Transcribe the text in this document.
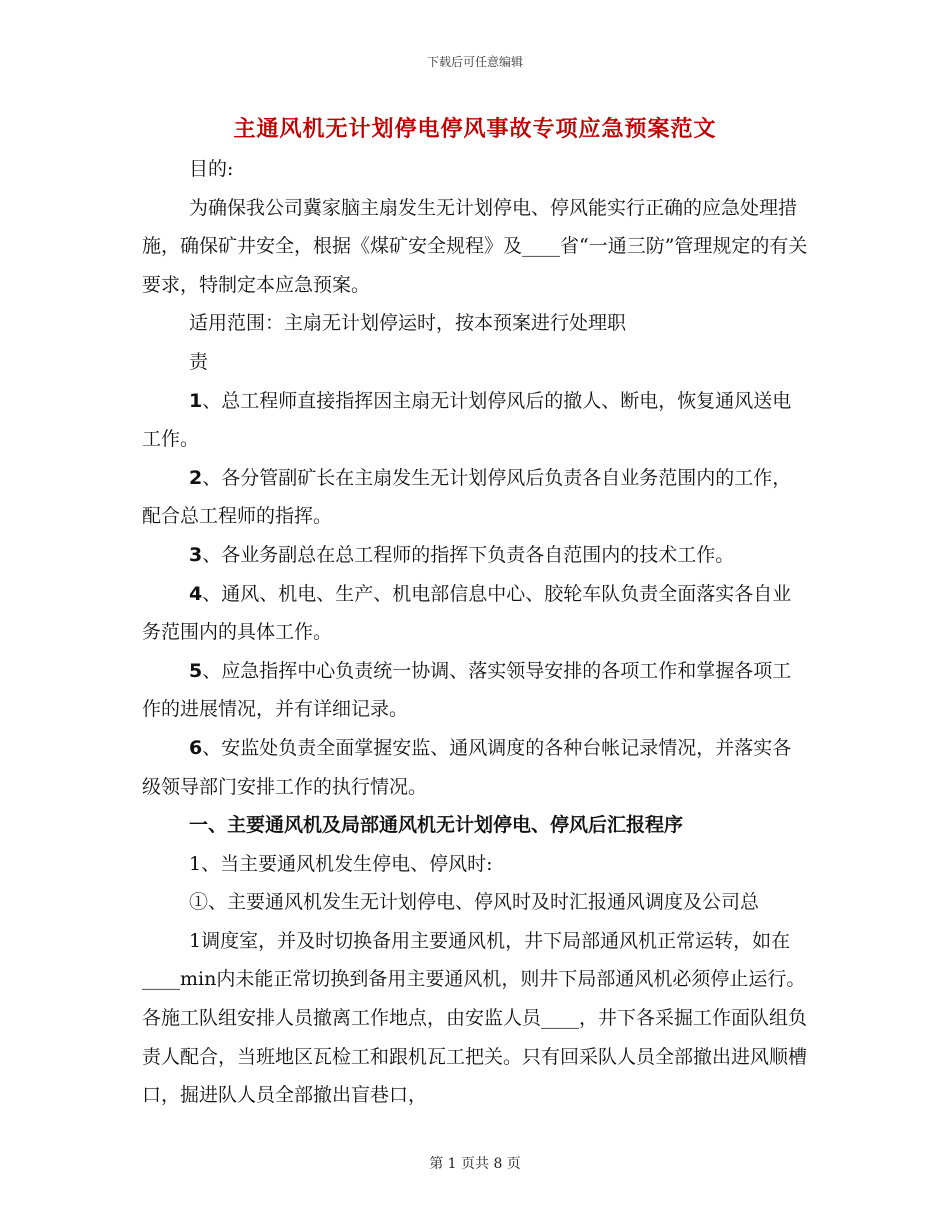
下载后可任意编辑
主通风机无计划停电停风事故专项应急预案范文

目的:

为确保我公司冀家脑主扇发生无计划停电、停风能实行正确的应急处理措施，确保矿井安全，根据《煤矿安全规程》及____省“一通三防”管理规定的有关要求，特制定本应急预案。

适用范围：主扇无计划停运时，按本预案进行处理职

责

1、总工程师直接指挥因主扇无计划停风后的撤人、断电，恢复通风送电工作。

2、各分管副矿长在主扇发生无计划停风后负责各自业务范围内的工作，配合总工程师的指挥。

3、各业务副总在总工程师的指挥下负责各自范围内的技术工作。

4、通风、机电、生产、机电部信息中心、胶轮车队负责全面落实各自业务范围内的具体工作。

5、应急指挥中心负责统一协调、落实领导安排的各项工作和掌握各项工作的进展情况，并有详细记录。

6、安监处负责全面掌握安监、通风调度的各种台帐记录情况，并落实各级领导部门安排工作的执行情况。

一、主要通风机及局部通风机无计划停电、停风后汇报程序

1、当主要通风机发生停电、停风时:

①、主要通风机发生无计划停电、停风时及时汇报通风调度及公司总

1调度室，并及时切换备用主要通风机，井下局部通风机正常运转，如在____min内未能正常切换到备用主要通风机，则井下局部通风机必须停止运行。各施工队组安排人员撤离工作地点，由安监人员____，井下各采掘工作面队组负责人配合，当班地区瓦检工和跟机瓦工把关。只有回采队人员全部撤出进风顺槽口，掘进队人员全部撤出盲巷口，

第 1 页共 8 页
